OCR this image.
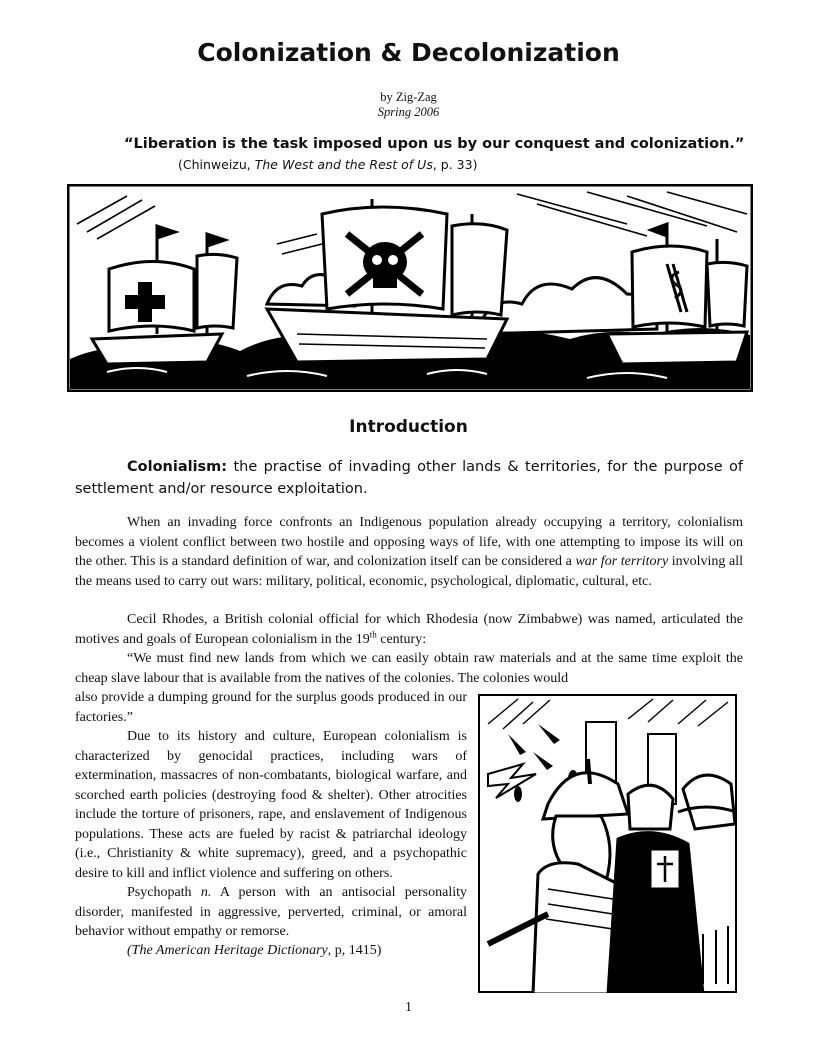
Colonization & Decolonization
by Zig-Zag
Spring 2006
“Liberation is the task imposed upon us by our conquest and colonization.”
(Chinweizu, The West and the Rest of Us, p. 33)
Introduction

Colonialism: the practise of invading other lands & territories, for the purpose of settlement and/or resource exploitation.

When an invading force confronts an Indigenous population already occupying a territory, colonialism becomes a violent conflict between two hostile and opposing ways of life, with one attempting to impose its will on the other. This is a standard definition of war, and colonization itself can be considered a war for territory involving all the means used to carry out wars: military, political, economic, psychological, diplomatic, cultural, etc.

Cecil Rhodes, a British colonial official for which Rhodesia (now Zimbabwe) was named, articulated the motives and goals of European colonialism in the 19th century:

“We must find new lands from which we can easily obtain raw materials and at the same time exploit the cheap slave labour that is available from the natives of the colonies. The colonies would

also provide a dumping ground for the surplus goods produced in our factories.”

Due to its history and culture, European colonialism is characterized by genocidal practices, including wars of extermination, massacres of non-combatants, biological warfare, and scorched earth policies (destroying food & shelter). Other atrocities include the torture of prisoners, rape, and enslavement of Indigenous populations. These acts are fueled by racist & patriarchal ideology (i.e., Christianity & white supremacy), greed, and a psychopathic desire to kill and inflict violence and suffering on others.

Psychopath n. A person with an antisocial personality disorder, manifested in aggressive, perverted, criminal, or amoral behavior without empathy or remorse.

(The American Heritage Dictionary, p, 1415)

1
